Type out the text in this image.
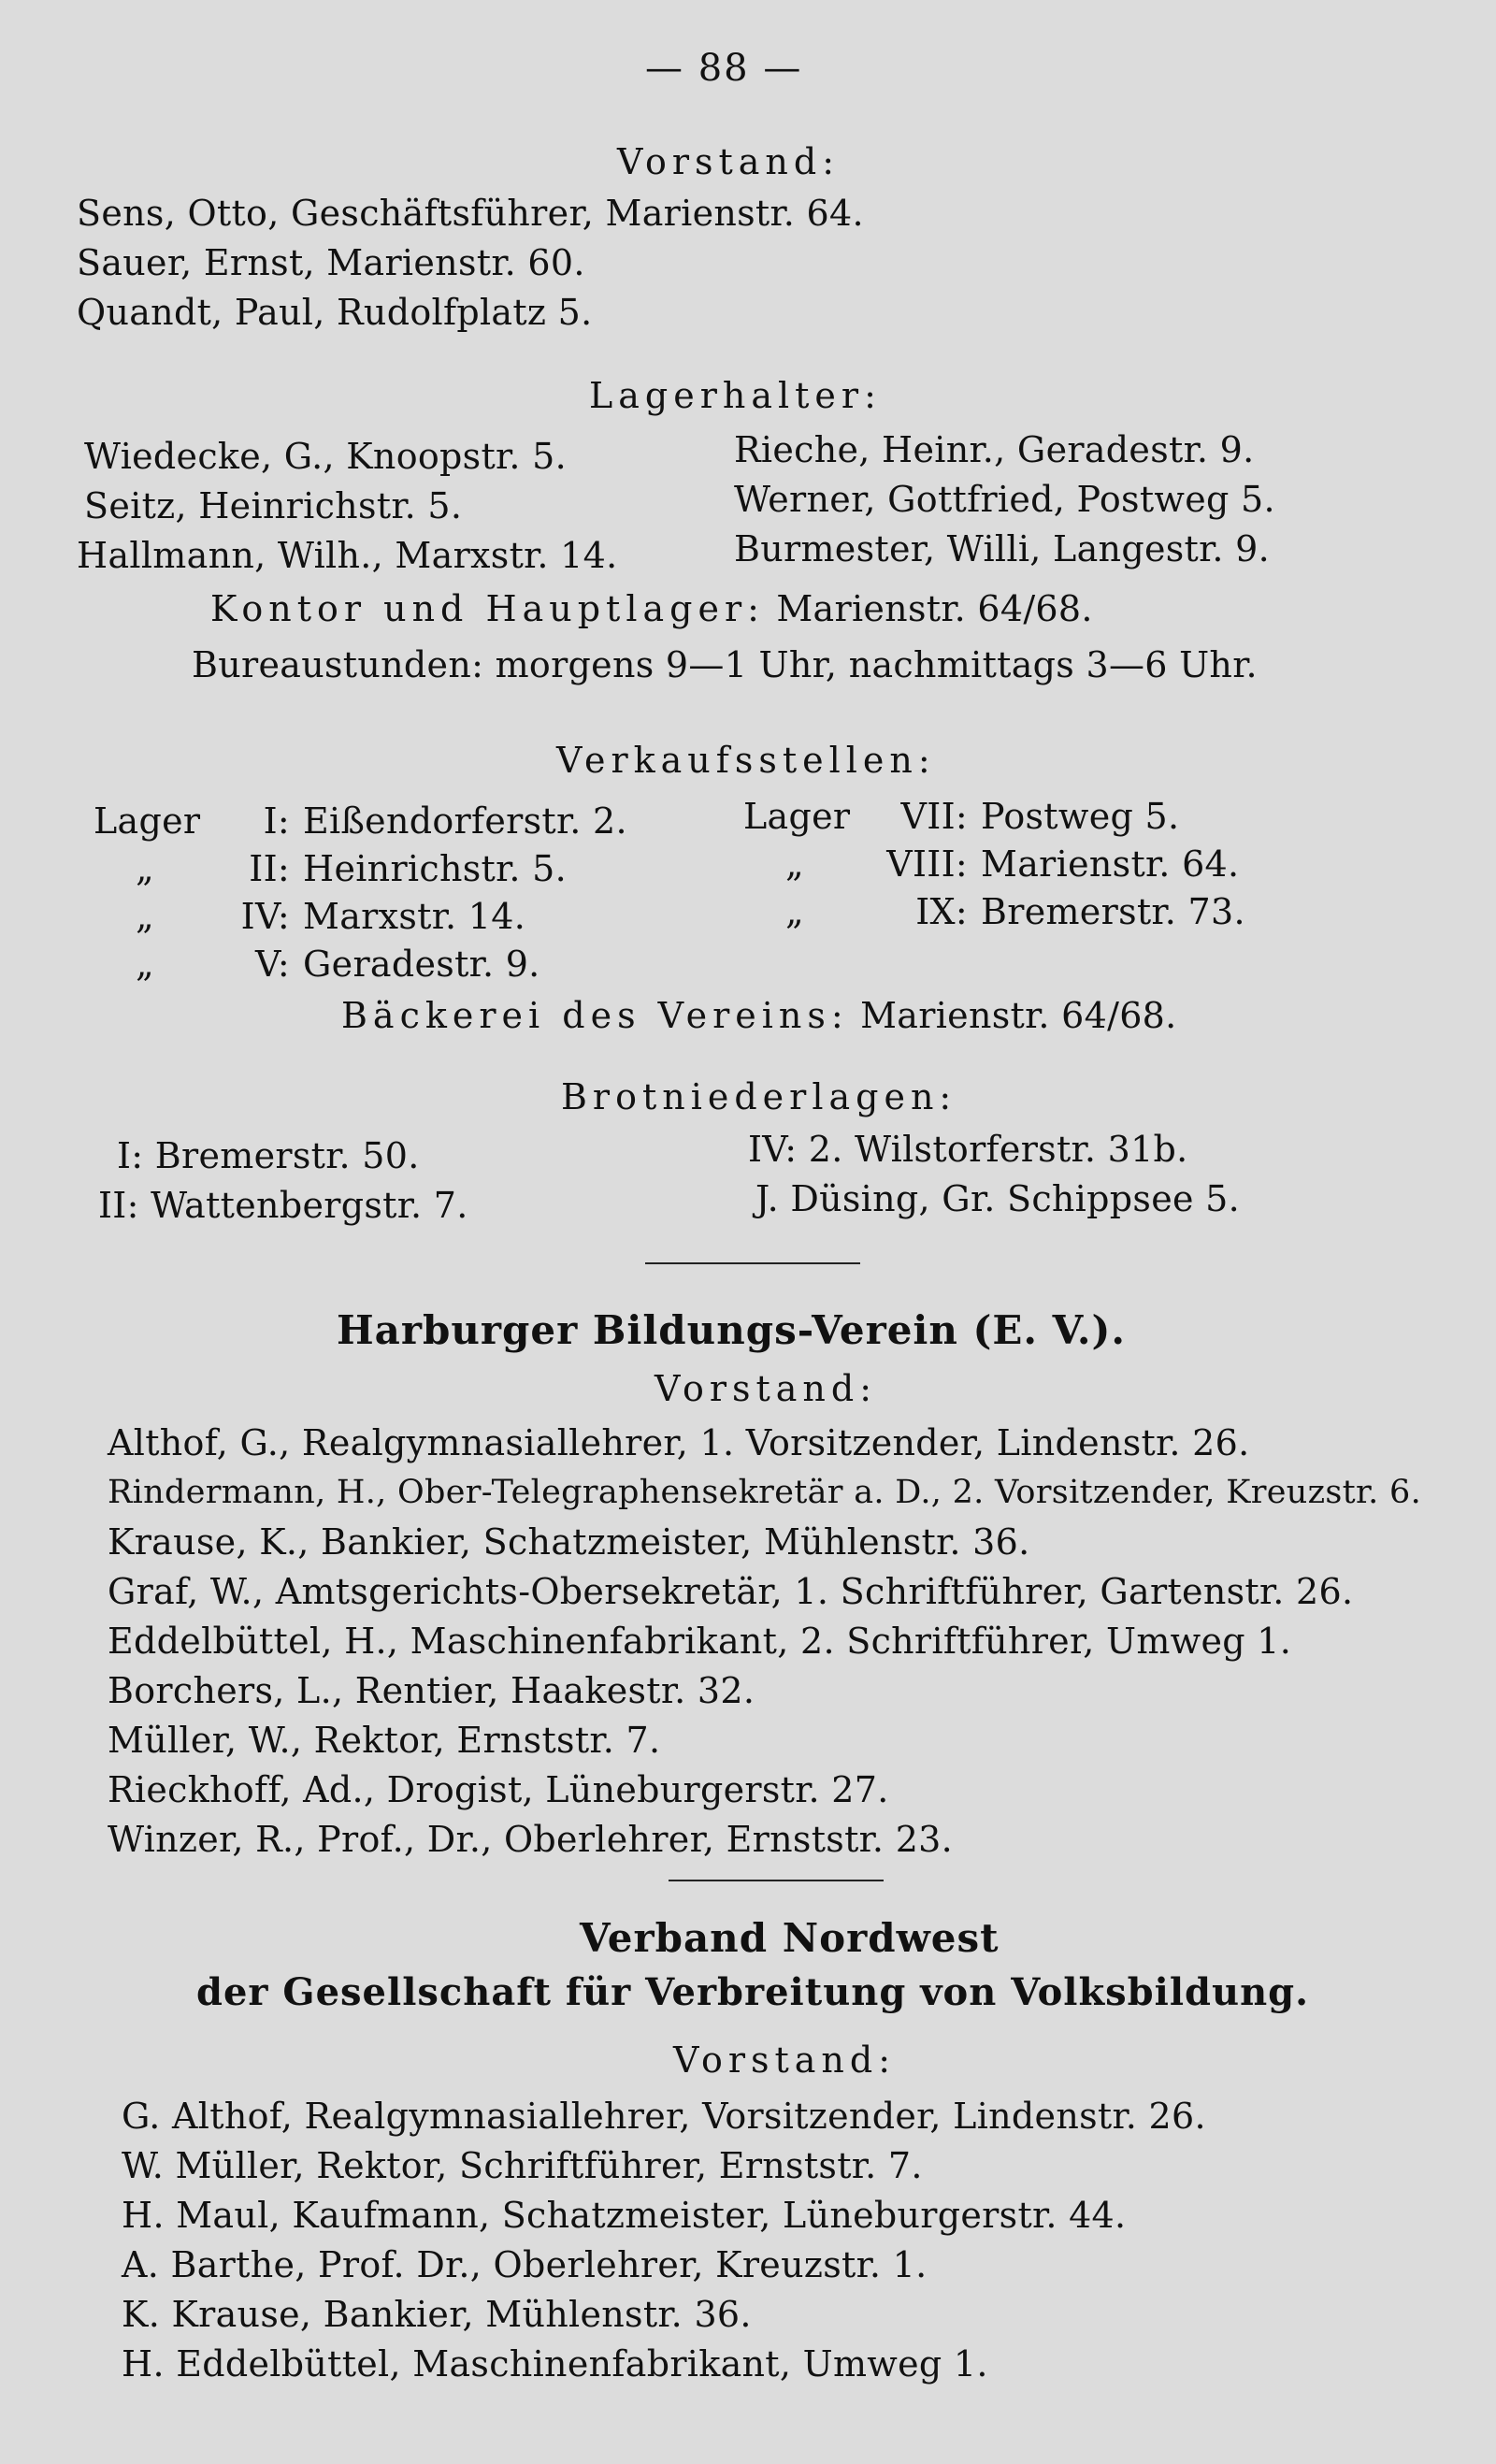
— 88 —
Vorstand:
Sens, Otto, Geschäftsführer, Marienstr. 64.
Sauer, Ernst, Marienstr. 60.
Quandt, Paul, Rudolfplatz 5.
Lagerhalter:
Wiedecke, G., Knoopstr. 5.
Seitz, Heinrichstr. 5.
Hallmann, Wilh., Marxstr. 14.
Rieche, Heinr., Geradestr. 9.
Werner, Gottfried, Postweg 5.
Burmester, Willi, Langestr. 9.
Kontor und Hauptlager: Marienstr. 64/68.
Bureaustunden: morgens 9—1 Uhr, nachmittags 3—6 Uhr.
Verkaufsstellen:
Lager I: Eißendorferstr. 2.
„	II: Heinrichstr. 5.
„ IV: Marxstr. 14.
„	V: Geradestr. 9.
Lager VII: Postweg 5.
„ VIII: Marienstr. 64.
„	IX: Bremerstr. 73.
Bäckerei des Vereins: Marienstr. 64/68.
Brotniederlagen:
I: Bremerstr. 50.
II: Wattenbergstr. 7.
IV: 2. Wilstorferstr. 31b.
J. Düsing, Gr. Schippsee 5.
Harburger Bildungs-Verein (E. V.).
Vorstand:
Althof, G., Realgymnasiallehrer, 1. Vorsitzender, Lindenstr. 26.
Rindermann, H., Ober-Telegraphensekretär a. D., 2. Vorsitzender, Kreuzstr. 6.
Krause, K., Bankier, Schatzmeister, Mühlenstr. 36.
Graf, W., Amtsgerichts-Obersekretär, 1. Schriftführer, Gartenstr. 26.
Eddelbüttel, H., Maschinenfabrikant, 2. Schriftführer, Umweg 1.
Borchers, L., Rentier, Haakestr. 32.
Müller, W., Rektor, Ernststr. 7.
Rieckhoff, Ad., Drogist, Lüneburgerstr. 27.
Winzer, R., Prof., Dr., Oberlehrer, Ernststr. 23.
Verband Nordwest
der Gesellschaft für Verbreitung von Volksbildung.
Vorstand:
G. Althof, Realgymnasiallehrer, Vorsitzender, Lindenstr. 26.
W. Müller, Rektor, Schriftführer, Ernststr. 7.
H. Maul, Kaufmann, Schatzmeister, Lüneburgerstr. 44.
A. Barthe, Prof. Dr., Oberlehrer, Kreuzstr. 1.
K. Krause, Bankier, Mühlenstr. 36.
H. Eddelbüttel, Maschinenfabrikant, Umweg 1.
